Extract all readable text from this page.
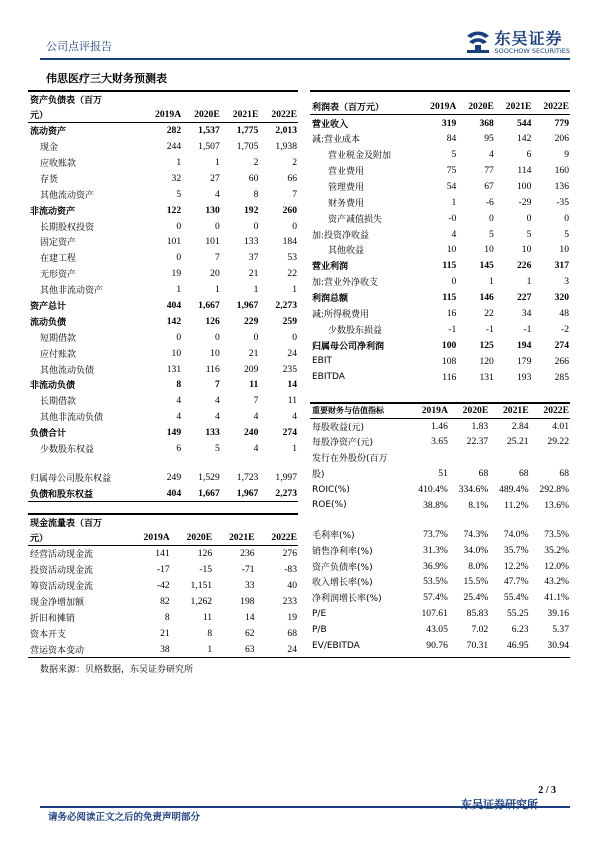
公司点评报告	东吴证券
SOOCHOW SECURITIES
伟思医疗三大财务预测表
资产负债表（百万				
元）	2019A	2020E	2021E	2022E
流动资产	282	1,537	1,775	2,013
现金	244	1,507	1,705	1,938
应收账款	1	1	2	2
存货	32	27	60	66
其他流动资产	5	4	8	7
非流动资产	122	130	192	260
长期股权投资	0	0	0	0
固定资产	101	101	133	184
在建工程	0	7	37	53
无形资产	19	20	21	22
其他非流动资产	1	1	1	1
资产总计	404	1,667	1,967	2,273
流动负债	142	126	229	259
短期借款	0	0	0	0
应付账款	10	10	21	24
其他流动负债	131	116	209	235
非流动负债	8	7	11	14
长期借款	4	4	7	11
其他非流动负债	4	4	4	4
负债合计	149	133	240	274
少数股东权益	6	5	4	1

归属母公司股东权益	249	1,529	1,723	1,997
负债和股东权益	404	1,667	1,967	2,273

利润表（百万元）	2019A	2020E	2021E	2022E
营业收入	319	368	544	779
减:营业成本	84	95	142	206
营业税金及附加	5	4	6	9
营业费用	75	77	114	160
管理费用	54	67	100	136
财务费用	1	-6	-29	-35
资产减值损失	-0	0	0	0
加:投资净收益	4	5	5	5
其他收益	10	10	10	10
营业利润	115	145	226	317
加:营业外净收支	0	1	1	3
利润总额	115	146	227	320
减:所得税费用	16	22	34	48
少数股东损益	-1	-1	-1	-2
归属母公司净利润	100	125	194	274
EBIT	108	120	179	266
EBITDA	116	131	193	285
重要财务与估值指标	2019A	2020E	2021E	2022E
每股收益(元)	1.46	1.83	2.84	4.01
每股净资产(元)	3.65	22.37	25.21	29.22
发行在外股份(百万				
股)	51	68	68	68
ROIC(%)	410.4%	334.6%	489.4%	292.8%
ROE(%)	38.8%	8.1%	11.2%	13.6%

毛利率(%)	73.7%	74.3%	74.0%	73.5%
销售净利率(%)	31.3%	34.0%	35.7%	35.2%
资产负债率(%)	36.9%	8.0%	12.2%	12.0%
收入增长率(%)	53.5%	15.5%	47.7%	43.2%
净利润增长率(%)	57.4%	25.4%	55.4%	41.1%
P/E	107.61	85.83	55.25	39.16
P/B	43.05	7.02	6.23	5.37
EV/EBITDA	90.76	70.31	46.95	30.94
现金流量表（百万				
元）	2019A	2020E	2021E	2022E
经营活动现金流	141	126	236	276
投资活动现金流	-17	-15	-71	-83
筹资活动现金流	-42	1,151	33	40
现金净增加额	82	1,262	198	233
折旧和摊销	8	11	14	19
资本开支	21	8	62	68
营运资本变动	38	1	63	24
数据来源：贝格数据，东吴证券研究所
2 / 3
请务必阅读正文之后的免责声明部分
东吴证券研究所
